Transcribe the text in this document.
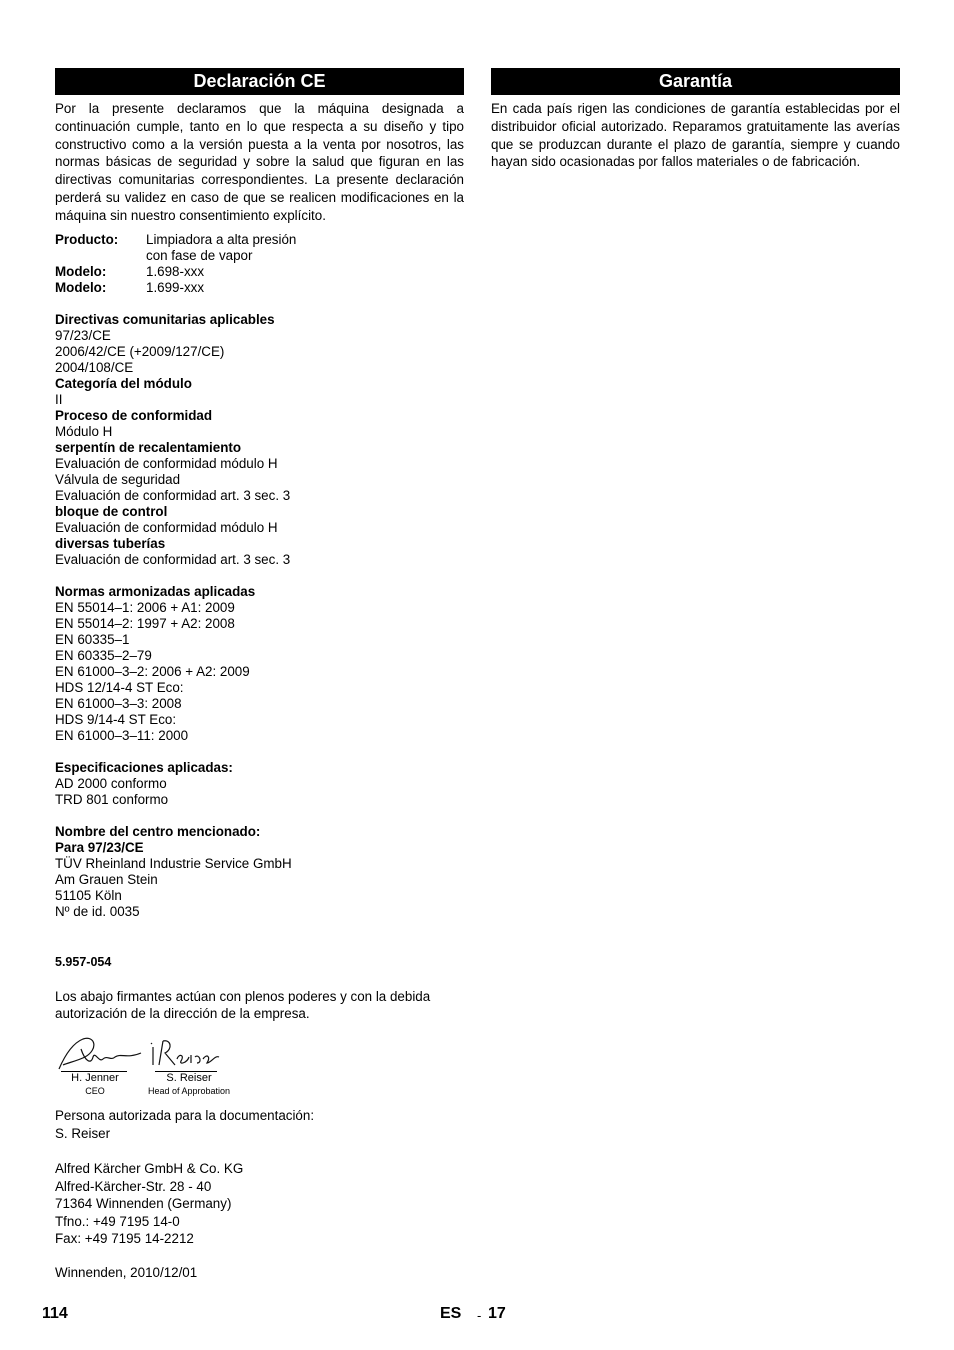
Declaración CE

Por la presente declaramos que la máquina designada a continuación cumple, tanto en lo que respecta a su diseño y tipo constructivo como a la versión puesta a la venta por nosotros, las normas básicas de seguridad y sobre la salud que figuran en las directivas comunitarias correspondientes. La presente declaración perderá su validez en caso de que se realicen modificaciones en la máquina sin nuestro consentimiento explícito.

Producto:	Limpiadora a alta presión
con fase de vapor
Modelo:	1.698-xxx
Modelo:	1.699-xxx
Directivas comunitarias aplicables
97/23/CE
2006/42/CE (+2009/127/CE)
2004/108/CE
Categoría del módulo
II
Proceso de conformidad
Módulo H
serpentín de recalentamiento
Evaluación de conformidad módulo H
Válvula de seguridad
Evaluación de conformidad art. 3 sec. 3
bloque de control
Evaluación de conformidad módulo H
diversas tuberías
Evaluación de conformidad art. 3 sec. 3
Normas armonizadas aplicadas
EN 55014–1: 2006 + A1: 2009
EN 55014–2: 1997 + A2: 2008
EN 60335–1
EN 60335–2–79
EN 61000–3–2: 2006 + A2: 2009
HDS 12/14-4 ST Eco:
EN 61000–3–3: 2008
HDS 9/14-4 ST Eco:
EN 61000–3–11: 2000
Especificaciones aplicadas:
AD 2000 conformo
TRD 801 conformo
Nombre del centro mencionado:
Para 97/23/CE
TÜV Rheinland Industrie Service GmbH
Am Grauen Stein
51105 Köln
Nº de id. 0035
5.957-054

Los abajo firmantes actúan con plenos poderes y con la debida autorización de la dirección de la empresa.

H. Jenner
CEO
S. Reiser
Head of Approbation
Persona autorizada para la documentación:
S. Reiser
Alfred Kärcher GmbH & Co. KG
Alfred-Kärcher-Str. 28 - 40
71364 Winnenden (Germany)
Tfno.: +49 7195 14-0
Fax: +49 7195 14-2212
Winnenden, 2010/12/01
Garantía

En cada país rigen las condiciones de garantía establecidas por el distribuidor oficial autorizado. Reparamos gratuitamente las averías que se produzcan durante el plazo de garantía, siempre y cuando hayan sido ocasionadas por fallos materiales o de fabricación.

114	ES - 17
